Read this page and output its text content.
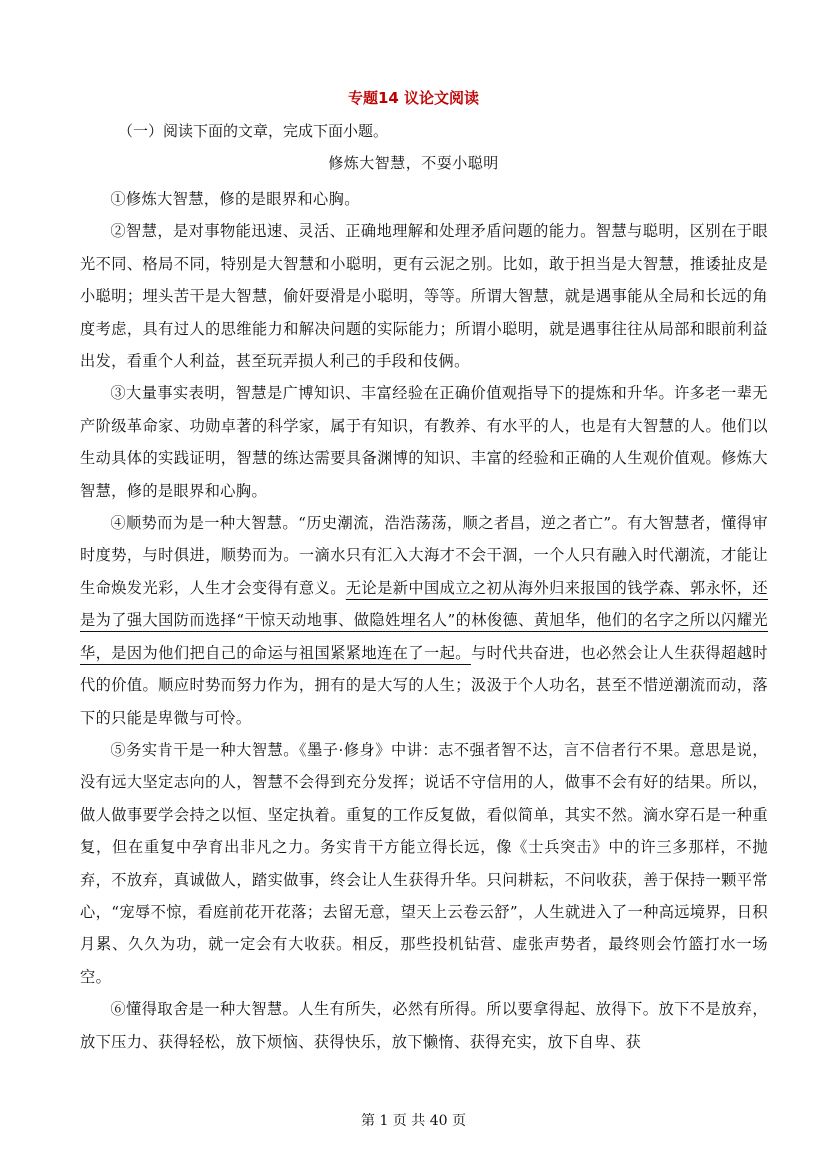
专题14 议论文阅读

（一）阅读下面的文章，完成下面小题。

修炼大智慧，不耍小聪明

①修炼大智慧，修的是眼界和心胸。

②智慧，是对事物能迅速、灵活、正确地理解和处理矛盾问题的能力。智慧与聪明，区别在于眼光不同、格局不同，特别是大智慧和小聪明，更有云泥之别。比如，敢于担当是大智慧，推诿扯皮是小聪明；埋头苦干是大智慧，偷奸耍滑是小聪明，等等。所谓大智慧，就是遇事能从全局和长远的角度考虑，具有过人的思维能力和解决问题的实际能力；所谓小聪明，就是遇事往往从局部和眼前利益出发，看重个人利益，甚至玩弄损人利己的手段和伎俩。

③大量事实表明，智慧是广博知识、丰富经验在正确价值观指导下的提炼和升华。许多老一辈无产阶级革命家、功勋卓著的科学家，属于有知识，有教养、有水平的人，也是有大智慧的人。他们以生动具体的实践证明，智慧的练达需要具备渊博的知识、丰富的经验和正确的人生观价值观。修炼大智慧，修的是眼界和心胸。

④顺势而为是一种大智慧。“历史潮流，浩浩荡荡，顺之者昌，逆之者亡”。有大智慧者，懂得审时度势，与时俱进，顺势而为。一滴水只有汇入大海才不会干涸，一个人只有融入时代潮流，才能让生命焕发光彩，人生才会变得有意义。无论是新中国成立之初从海外归来报国的钱学森、郭永怀，还是为了强大国防而选择“干惊天动地事、做隐姓埋名人”的林俊德、黄旭华，他们的名字之所以闪耀光华，是因为他们把自己的命运与祖国紧紧地连在了一起。与时代共奋进，也必然会让人生获得超越时代的价值。顺应时势而努力作为，拥有的是大写的人生；汲汲于个人功名，甚至不惜逆潮流而动，落下的只能是卑微与可怜。

⑤务实肯干是一种大智慧。《墨子·修身》中讲：志不强者智不达，言不信者行不果。意思是说，没有远大坚定志向的人，智慧不会得到充分发挥；说话不守信用的人，做事不会有好的结果。所以，做人做事要学会持之以恒、坚定执着。重复的工作反复做，看似简单，其实不然。滴水穿石是一种重复，但在重复中孕育出非凡之力。务实肯干方能立得长远，像《士兵突击》中的许三多那样，不抛弃，不放弃，真诚做人，踏实做事，终会让人生获得升华。只问耕耘，不问收获，善于保持一颗平常心，“宠辱不惊，看庭前花开花落；去留无意，望天上云卷云舒”，人生就进入了一种高远境界，日积月累、久久为功，就一定会有大收获。相反，那些投机钻营、虚张声势者，最终则会竹篮打水一场空。

⑥懂得取舍是一种大智慧。人生有所失，必然有所得。所以要拿得起、放得下。放下不是放弃，放下压力、获得轻松，放下烦恼、获得快乐，放下懒惰、获得充实，放下自卑、获

第 1 页 共 40 页
